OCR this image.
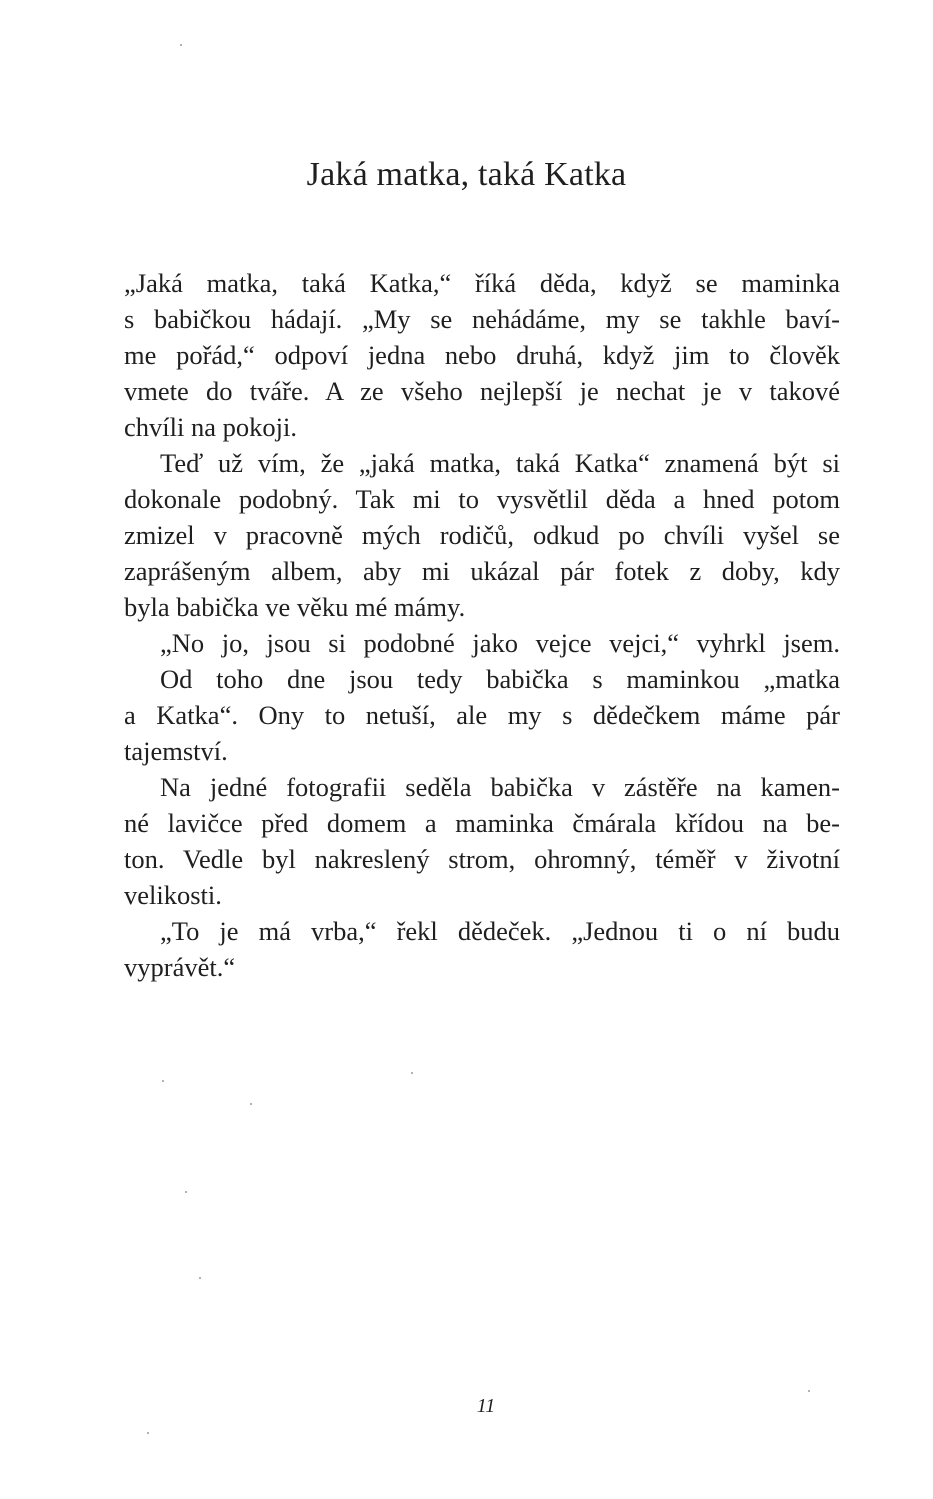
Jaká matka, taká Katka
„Jaká matka, taká Katka,“ říká děda, když se maminka
s babičkou hádají. „My se nehádáme, my se takhle baví-
me pořád,“ odpoví jedna nebo druhá, když jim to člověk
vmete do tváře. A ze všeho nejlepší je nechat je v takové
chvíli na pokoji.
Teď už vím, že „jaká matka, taká Katka“ znamená být si
dokonale podobný. Tak mi to vysvětlil děda a hned potom
zmizel v pracovně mých rodičů, odkud po chvíli vyšel se
zaprášeným albem, aby mi ukázal pár fotek z doby, kdy
byla babička ve věku mé mámy.
„No jo, jsou si podobné jako vejce vejci,“ vyhrkl jsem.
Od toho dne jsou tedy babička s maminkou „matka
a Katka“. Ony to netuší, ale my s dědečkem máme pár
tajemství.
Na jedné fotografii seděla babička v zástěře na kamen-
né lavičce před domem a maminka čmárala křídou na be-
ton. Vedle byl nakreslený strom, ohromný, téměř v životní
velikosti.
„To je má vrba,“ řekl dědeček. „Jednou ti o ní budu
vyprávět.“
11
